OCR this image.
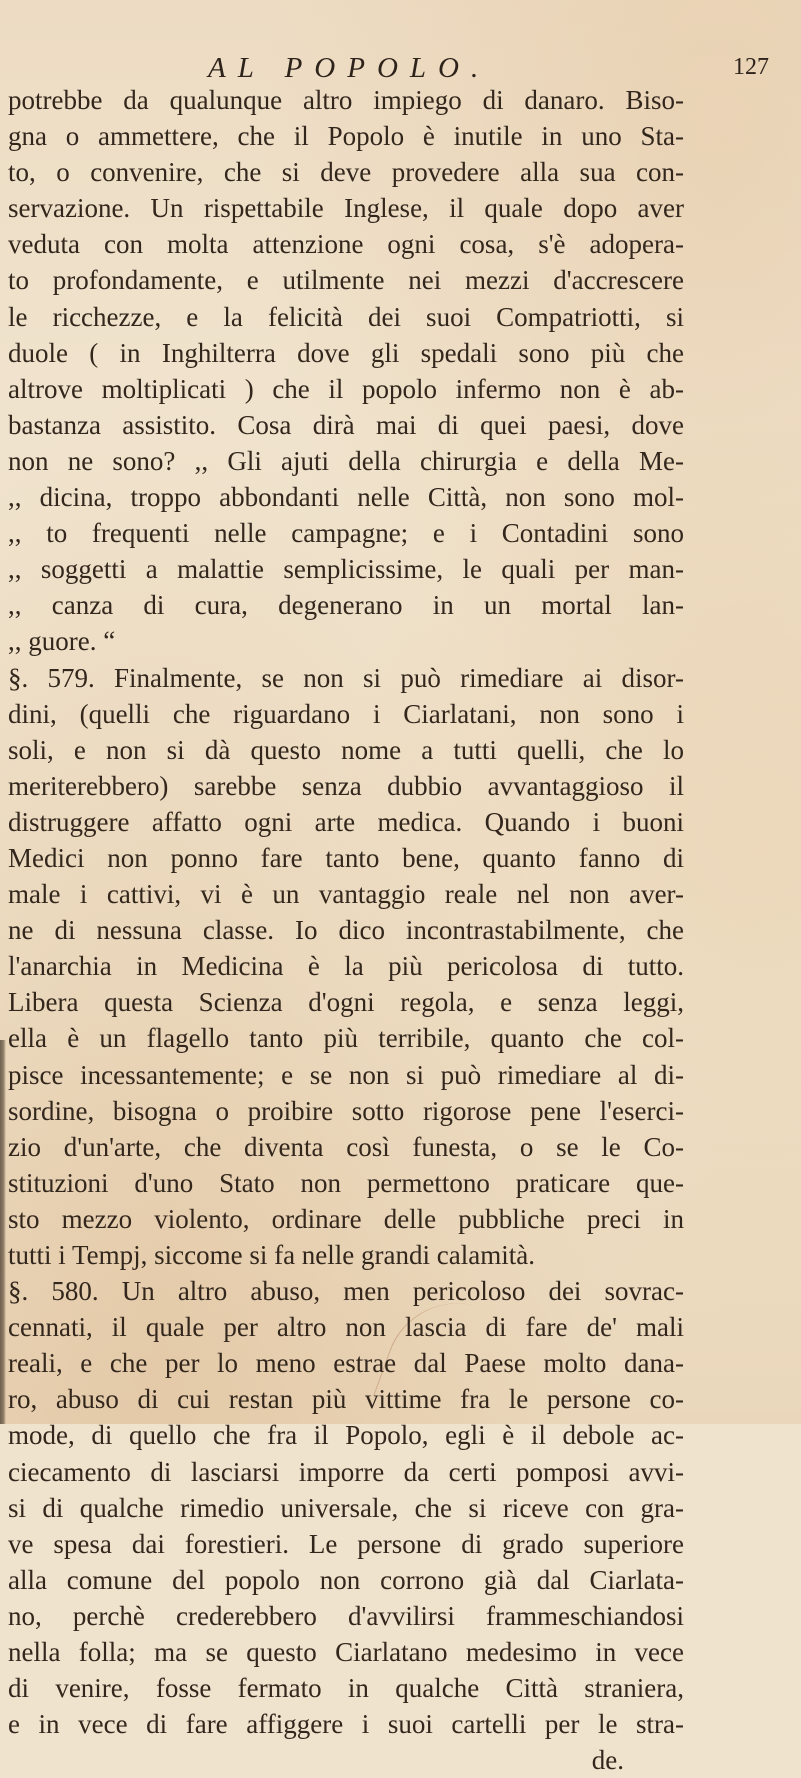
AL POPOLO.	127
potrebbe da qualunque altro impiego di danaro. Biso-
gna o ammettere, che il Popolo è inutile in uno Sta-
to, o convenire, che si deve provedere alla sua con-
servazione. Un rispettabile Inglese, il quale dopo aver
veduta con molta attenzione ogni cosa, s'è adopera-
to profondamente, e utilmente nei mezzi d'accrescere
le ricchezze, e la felicità dei suoi Compatriotti, si
duole ( in Inghilterra dove gli spedali sono più che
altrove moltiplicati ) che il popolo infermo non è ab-
bastanza assistito. Cosa dirà mai di quei paesi, dove
non ne sono? ,, Gli ajuti della chirurgia e della Me-
,, dicina, troppo abbondanti nelle Città, non sono mol-
,, to frequenti nelle campagne; e i Contadini sono
,, soggetti a malattie semplicissime, le quali per man-
,, canza di cura, degenerano in un mortal lan-
,, guore. “
§. 579. Finalmente, se non si può rimediare ai disor-
dini, (quelli che riguardano i Ciarlatani, non sono i
soli, e non si dà questo nome a tutti quelli, che lo
meriterebbero) sarebbe senza dubbio avvantaggioso il
distruggere affatto ogni arte medica. Quando i buoni
Medici non ponno fare tanto bene, quanto fanno di
male i cattivi, vi è un vantaggio reale nel non aver-
ne di nessuna classe. Io dico incontrastabilmente, che
l'anarchia in Medicina è la più pericolosa di tutto.
Libera questa Scienza d'ogni regola, e senza leggi,
ella è un flagello tanto più terribile, quanto che col-
pisce incessantemente; e se non si può rimediare al di-
sordine, bisogna o proibire sotto rigorose pene l'eserci-
zio d'un'arte, che diventa così funesta, o se le Co-
stituzioni d'uno Stato non permettono praticare que-
sto mezzo violento, ordinare delle pubbliche preci in
tutti i Tempj, siccome si fa nelle grandi calamità.
§. 580. Un altro abuso, men pericoloso dei sovrac-
cennati, il quale per altro non lascia di fare de' mali
reali, e che per lo meno estrae dal Paese molto dana-
ro, abuso di cui restan più vittime fra le persone co-
mode, di quello che fra il Popolo, egli è il debole ac-
ciecamento di lasciarsi imporre da certi pomposi avvi-
si di qualche rimedio universale, che si riceve con gra-
ve spesa dai forestieri. Le persone di grado superiore
alla comune del popolo non corrono già dal Ciarlata-
no, perchè crederebbero d'avvilirsi frammeschiandosi
nella folla; ma se questo Ciarlatano medesimo in vece
di venire, fosse fermato in qualche Città straniera,
e in vece di fare affiggere i suoi cartelli per le stra-
de.
